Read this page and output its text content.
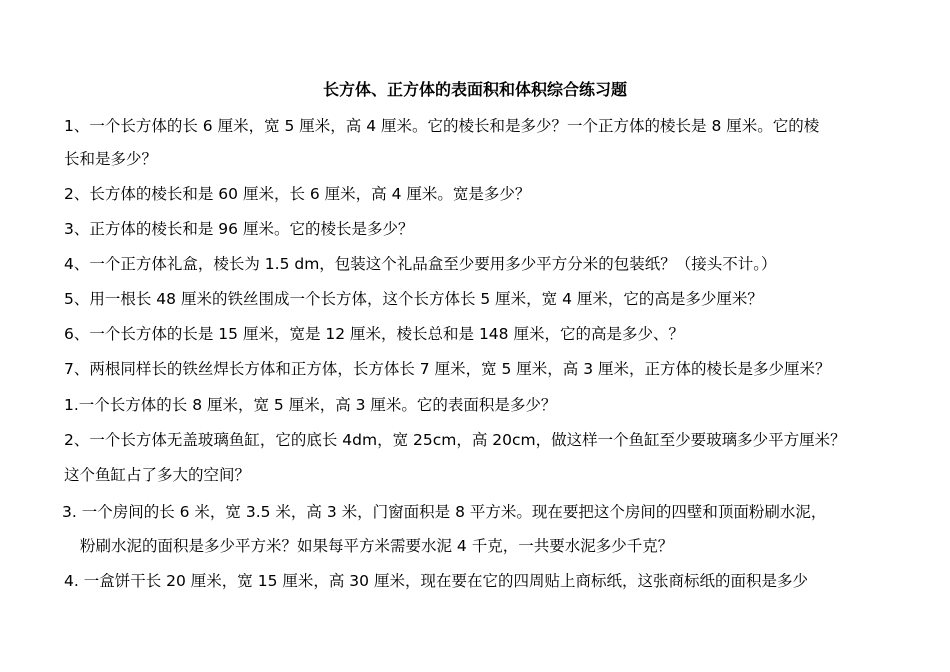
长方体、正方体的表面积和体积综合练习题
1、一个长方体的长 6 厘米，宽 5 厘米，高 4 厘米。它的棱长和是多少？一个正方体的棱长是 8 厘米。它的棱
长和是多少？
2、长方体的棱长和是 60 厘米，长 6 厘米，高 4 厘米。宽是多少？
3、正方体的棱长和是 96 厘米。它的棱长是多少？
4、一个正方体礼盒，棱长为 1.5 dm，包装这个礼品盒至少要用多少平方分米的包装纸？（接头不计。）
5、用一根长 48 厘米的铁丝围成一个长方体，这个长方体长 5 厘米，宽 4 厘米，它的高是多少厘米？
6、一个长方体的长是 15 厘米，宽是 12 厘米，棱长总和是 148 厘米，它的高是多少、？
7、两根同样长的铁丝焊长方体和正方体，长方体长 7 厘米，宽 5 厘米，高 3 厘米，正方体的棱长是多少厘米？
1.一个长方体的长 8 厘米，宽 5 厘米，高 3 厘米。它的表面积是多少？
2、一个长方体无盖玻璃鱼缸，它的底长 4dm，宽 25cm，高 20cm，做这样一个鱼缸至少要玻璃多少平方厘米？
这个鱼缸占了多大的空间？
3. 一个房间的长 6 米，宽 3.5 米，高 3 米，门窗面积是 8 平方米。现在要把这个房间的四壁和顶面粉刷水泥，
粉刷水泥的面积是多少平方米？如果每平方米需要水泥 4 千克，一共要水泥多少千克？
4. 一盒饼干长 20 厘米，宽 15 厘米，高 30 厘米，现在要在它的四周贴上商标纸，这张商标纸的面积是多少
